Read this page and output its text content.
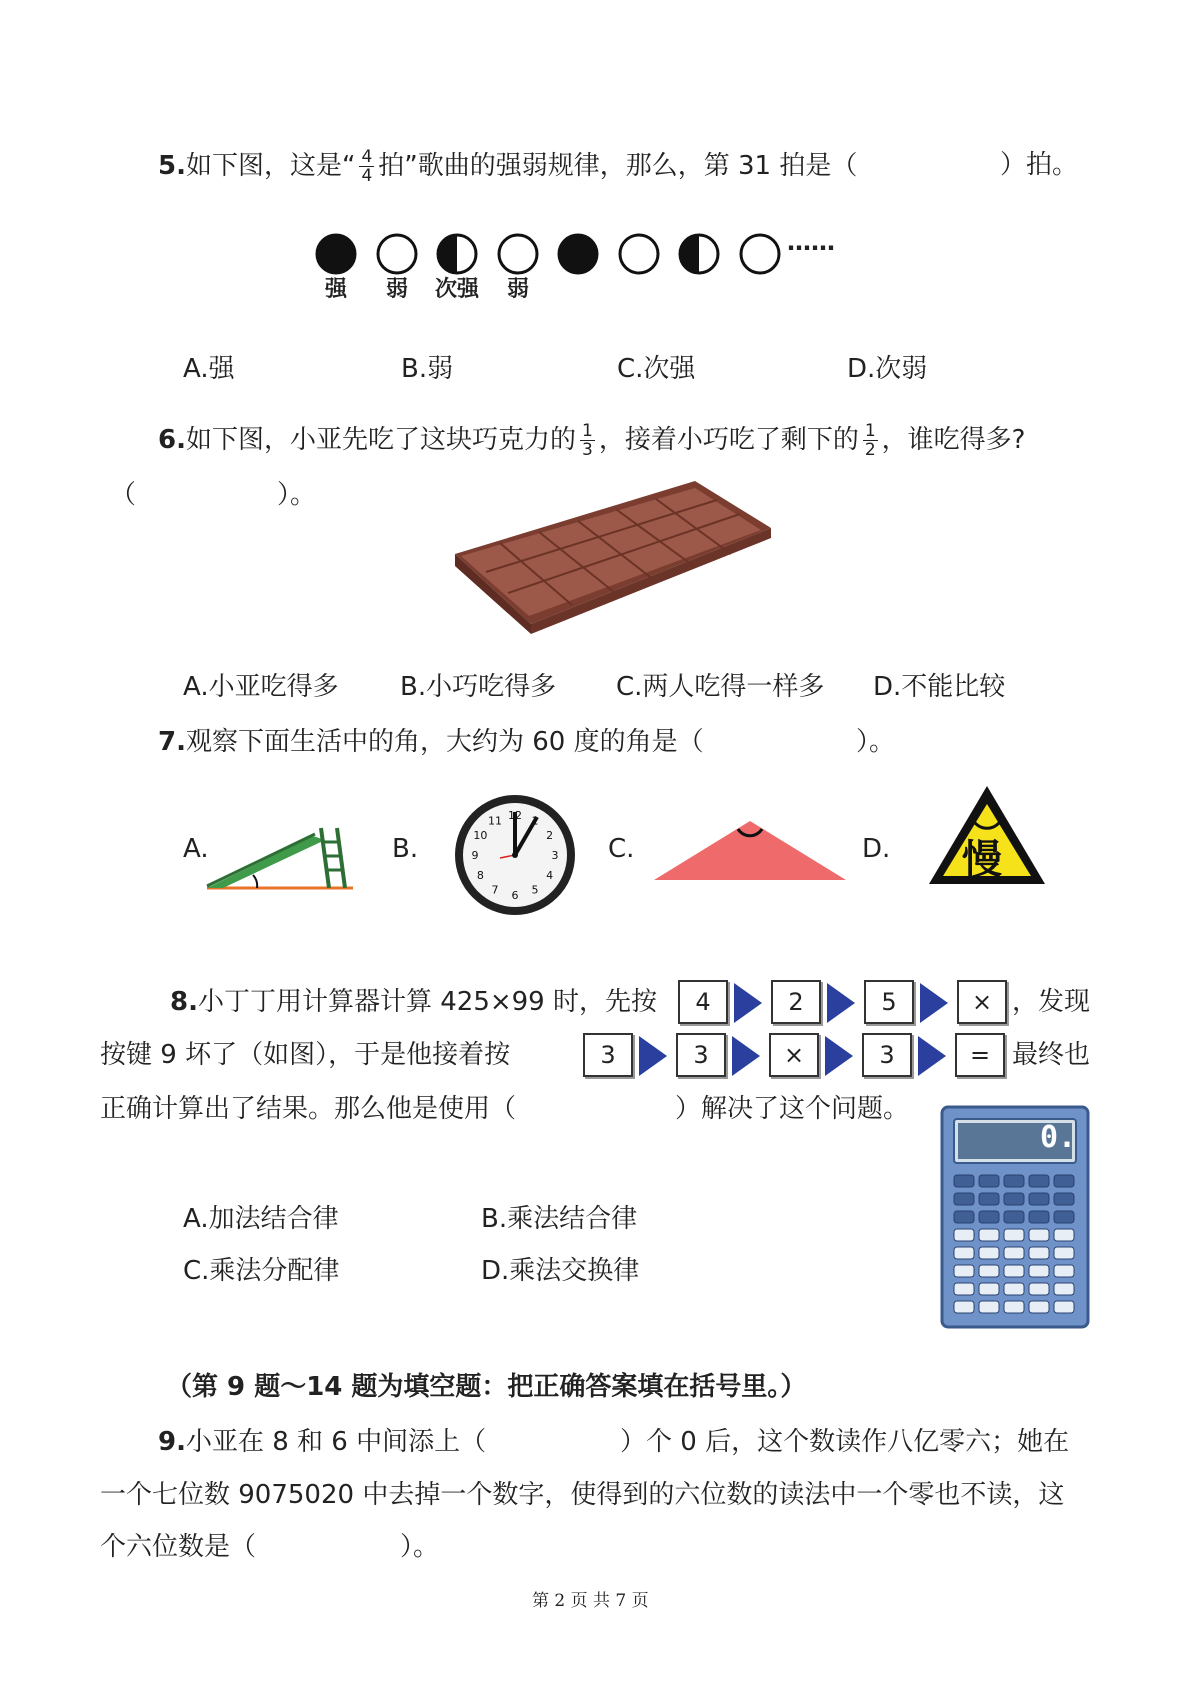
5.如下图，这是“ $\frac{4}{4}$ 拍”歌曲的强弱规律，那么，第 31 拍是（	）拍。
……
强	弱	次强	弱
A.强	B.弱	C.次强	D.次弱
6.如下图，小亚先吃了这块巧克力的 $\frac{1}{3}$ ，接着小巧吃了剩下的 $\frac{1}{2}$ ，谁吃得多?
（	）。
A.小亚吃得多 B.小巧吃得多 C.两人吃得一样多 D.不能比较
7.观察下面生活中的角，大约为 60 度的角是（	）。
A.	B.
12 1
2
3
4
5
6
7
8
9
10
11
C.	D. 慢
8.小丁丁用计算器计算 425×99 时，先按	4	2	5	× ，发现
按键 9 坏了（如图），于是他接着按	3	3	×	3	= 最终也
正确计算出了结果。那么他是使用（	）解决了这个问题。
0.
A.加法结合律	B.乘法结合律
C.乘法分配律	D.乘法交换律
（第 9 题～14 题为填空题：把正确答案填在括号里。）
9.小亚在 8 和 6 中间添上（	）个 0 后，这个数读作八亿零六；她在
一个七位数 9075020 中去掉一个数字，使得到的六位数的读法中一个零也不读，这
个六位数是（	）。
第 2 页 共 7 页
